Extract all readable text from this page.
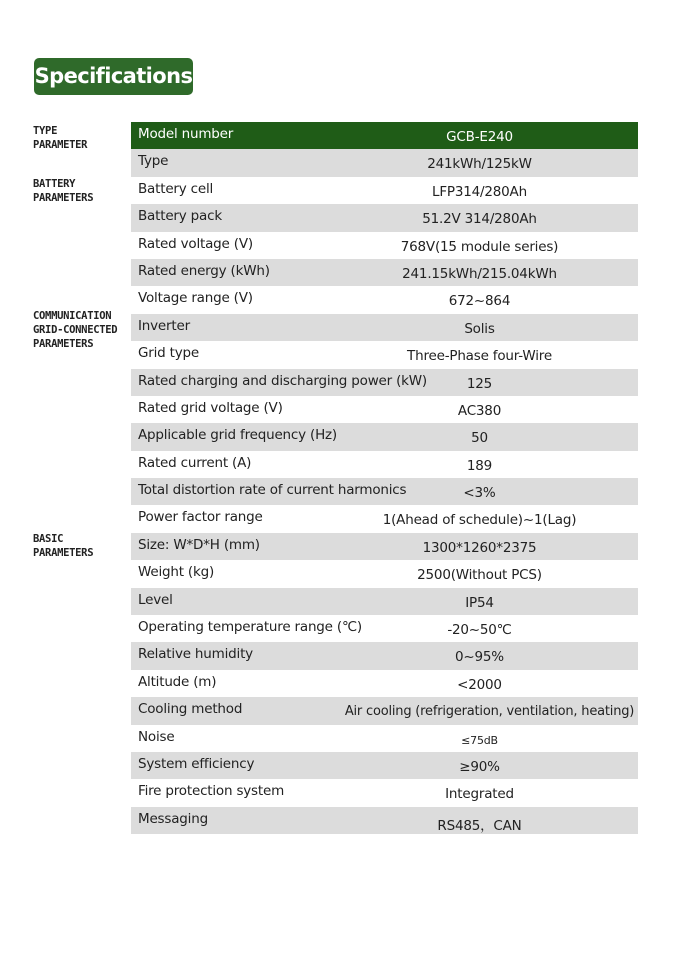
Specifications
TYPE
PARAMETER
BATTERY
PARAMETERS
COMMUNICATION
GRID-CONNECTED
PARAMETERS
BASIC
PARAMETERS
Model number	GCB-E240
Type	241kWh/125kW
Battery cell	LFP314/280Ah
Battery pack	51.2V 314/280Ah
Rated voltage (V)	768V(15 module series)
Rated energy (kWh)	241.15kWh/215.04kWh
Voltage range (V)	672~864
Inverter	Solis
Grid type	Three-Phase four-Wire
Rated charging and discharging power (kW)	125
Rated grid voltage (V)	AC380
Applicable grid frequency (Hz)	50
Rated current (A)	189
Total distortion rate of current harmonics	<3%
Power factor range	1(Ahead of schedule)~1(Lag)
Size: W*D*H (mm)	1300*1260*2375
Weight (kg)	2500(Without PCS)
Level	IP54
Operating temperature range (℃)	-20~50℃
Relative humidity	0~95%
Altitude (m)	<2000
Cooling method	Air cooling (refrigeration, ventilation, heating)
Noise	≤75dB
System efficiency	≥90%
Fire protection system	Integrated
Messaging	RS485，CAN
